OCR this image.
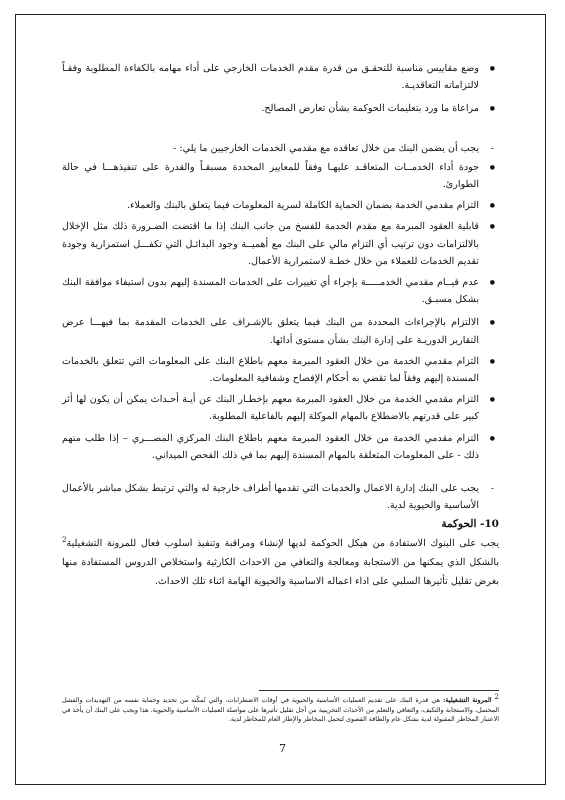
● وضع مقاييس مناسبة للتحقـق من قدرة مقدم الخدمات الخارجي على أداء مهامه بالكفاءة المطلوبة وفقـاً لالتزاماته التعاقديـة.
● مراعاة ما ورد بتعليمات الحوكمة بشأن تعارض المصالح.
- يجب أن يضمن البنك من خلال تعاقده مع مقدمي الخدمات الخارجيين ما يلي: -
● جودة أداء الخدمــات المتعاقـد عليهـا وفقاً للمعايير المحددة مسبقـاً والقدرة على تنفيذهـــا في حالة الطوارئ.
● التزام مقدمي الخدمة بضمان الحماية الكاملة لسرية المعلومات فيما يتعلق بالبنك والعملاء.
● قابلية العقود المبرمة مع مقدم الخدمة للفسخ من جانب البنك إذا ما اقتضت الضـرورة ذلك مثل الإخلال بالالتزامات دون ترتيب أي التزام مالي على البنك مع أهميــة وجود البدائـل التي تكفـــل استمرارية وجودة تقديم الخدمات للعملاء من خلال خطـة لاستمرارية الأعمال.
● عدم قيــام مقدمي الخدمـــــة بإجراء أي تغييرات على الخدمات المسندة إليهم بدون استيفاء موافقة البنك بشكل مسبـق.
● الالتزام بالإجراءات المحددة من البنك فيما يتعلق بالإشـراف على الخدمات المقدمة بما فيهـــا عرض التقارير الدوريـة على إدارة البنك بشأن مستوى أدائها.
● التزام مقدمي الخدمة من خلال العقود المبرمة معهم باطلاع البنك على المعلومات التي تتعلق بالخدمات المسندة إليهم وفقاً لما تقضي به أحكام الإفصاح وشفافية المعلومات.
● التزام مقدمي الخدمة من خلال العقود المبرمة معهم بإخطـار البنك عن أيـة أحـداث يمكن أن يكون لها أثر كبير على قدرتهم بالاضطلاع بالمهام الموكلة إليهم بالفاعلية المطلوبة.
● التزام مقدمي الخدمة من خلال العقود المبرمة معهم باطلاع البنك المركزي المصـــري – إذا طلب منهم ذلك - على المعلومات المتعلقة بالمهام المسندة إليهم بما في ذلك الفحص الميداني.
- يجب على البنك إدارة الاعمال والخدمات التي تقدمها أطراف خارجية له والتي ترتبط بشكل مباشر بالأعمال الأساسية والحيوية لدية.
10- الحوكمة

يجب على البنوك الاستفادة من هيكل الحوكمة لديها لإنشاء ومراقبة وتنفيذ اسلوب فعال للمرونة التشغيلية$^2$ بالشكل الذي يمكنها من الاستجابة ومعالجة والتعافي من الاحداث الكارثية واستخلاص الدروس المستفادة منها بغرض تقليل تأثيرها السلبي على اداء اعماله الاساسية والحيوية الهامة اثناء تلك الاحداث.

$^2$ المرونة التشغيلية: هي قدرة البنك على تقديم العمليات الأساسية والحيوية في أوقات الاضطرابات، والتي تُمكّنه من تحديد وحماية نفسه من التهديدات والفشل المحتمل، والاستجابة والتكيف، والتعافي والتعلم من الأحداث التخريبية من أجل تقليل تأثيرها على مواصلة العمليات الأساسية والحيوية. هذا ويجب على البنك أن يأخذ في الاعتبار المخاطر المقبولة لدية بشكل عام والطاقة القصوى لتحمل المخاطر والإطار العام للمخاطر لدية.
7
